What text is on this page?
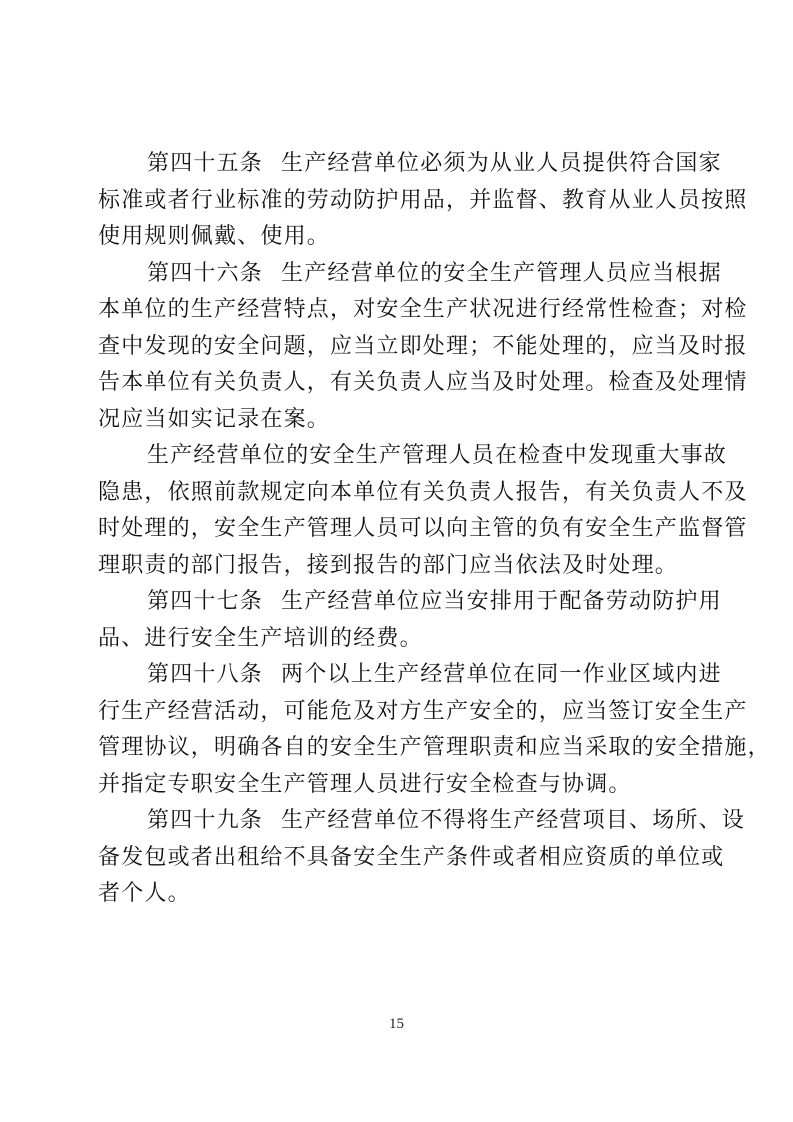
第四十五条 生产经营单位必须为从业人员提供符合国家
标准或者行业标准的劳动防护用品，并监督、教育从业人员按照
使用规则佩戴、使用。
第四十六条 生产经营单位的安全生产管理人员应当根据
本单位的生产经营特点，对安全生产状况进行经常性检查；对检
查中发现的安全问题，应当立即处理；不能处理的，应当及时报
告本单位有关负责人，有关负责人应当及时处理。检查及处理情
况应当如实记录在案。
生产经营单位的安全生产管理人员在检查中发现重大事故
隐患，依照前款规定向本单位有关负责人报告，有关负责人不及
时处理的，安全生产管理人员可以向主管的负有安全生产监督管
理职责的部门报告，接到报告的部门应当依法及时处理。
第四十七条 生产经营单位应当安排用于配备劳动防护用
品、进行安全生产培训的经费。
第四十八条 两个以上生产经营单位在同一作业区域内进
行生产经营活动，可能危及对方生产安全的，应当签订安全生产
管理协议，明确各自的安全生产管理职责和应当采取的安全措施，
并指定专职安全生产管理人员进行安全检查与协调。
第四十九条 生产经营单位不得将生产经营项目、场所、设
备发包或者出租给不具备安全生产条件或者相应资质的单位或
者个人。
15
